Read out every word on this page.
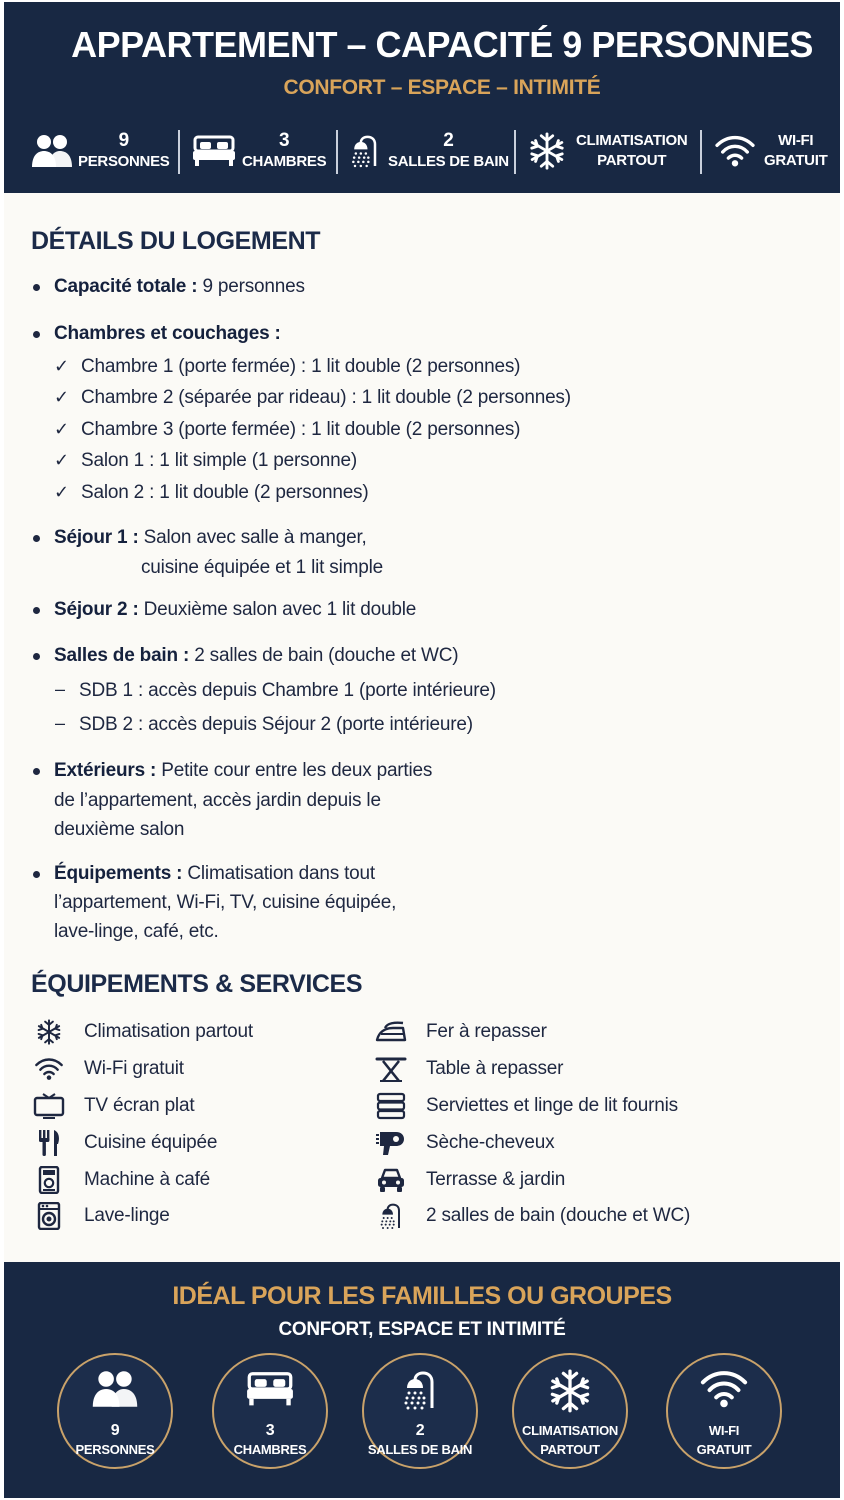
APPARTEMENT – CAPACITÉ 9 PERSONNES
CONFORT – ESPACE – INTIMITÉ
9
PERSONNES
3
CHAMBRES
2
SALLES DE BAIN
CLIMATISATION
PARTOUT
WI-FI
GRATUIT
DÉTAILS DU LOGEMENT
Capacité totale : 9 personnes
Chambres et couchages :
✓ Chambre 1 (porte fermée) : 1 lit double (2 personnes)
✓ Chambre 2 (séparée par rideau) : 1 lit double (2 personnes)
✓ Chambre 3 (porte fermée) : 1 lit double (2 personnes)
✓ Salon 1 : 1 lit simple (1 personne)
✓ Salon 2 : 1 lit double (2 personnes)
Séjour 1 : Salon avec salle à manger,
cuisine équipée et 1 lit simple
Séjour 2 : Deuxième salon avec 1 lit double
Salles de bain : 2 salles de bain (douche et WC)
– SDB 1 : accès depuis Chambre 1 (porte intérieure)
– SDB 2 : accès depuis Séjour 2 (porte intérieure)
Extérieurs : Petite cour entre les deux parties
de l’appartement, accès jardin depuis le
deuxième salon
Équipements : Climatisation dans tout
l’appartement, Wi-Fi, TV, cuisine équipée,
lave-linge, café, etc.
ÉQUIPEMENTS & SERVICES
Climatisation partout
Wi-Fi gratuit
TV écran plat
Cuisine équipée
Machine à café
Lave-linge
Fer à repasser
Table à repasser
Serviettes et linge de lit fournis
Sèche-cheveux
Terrasse & jardin
2 salles de bain (douche et WC)
IDÉAL POUR LES FAMILLES OU GROUPES
CONFORT, ESPACE ET INTIMITÉ
9
PERSONNES
3
CHAMBRES
2
SALLES DE BAIN
CLIMATISATION
PARTOUT
WI-FI
GRATUIT
